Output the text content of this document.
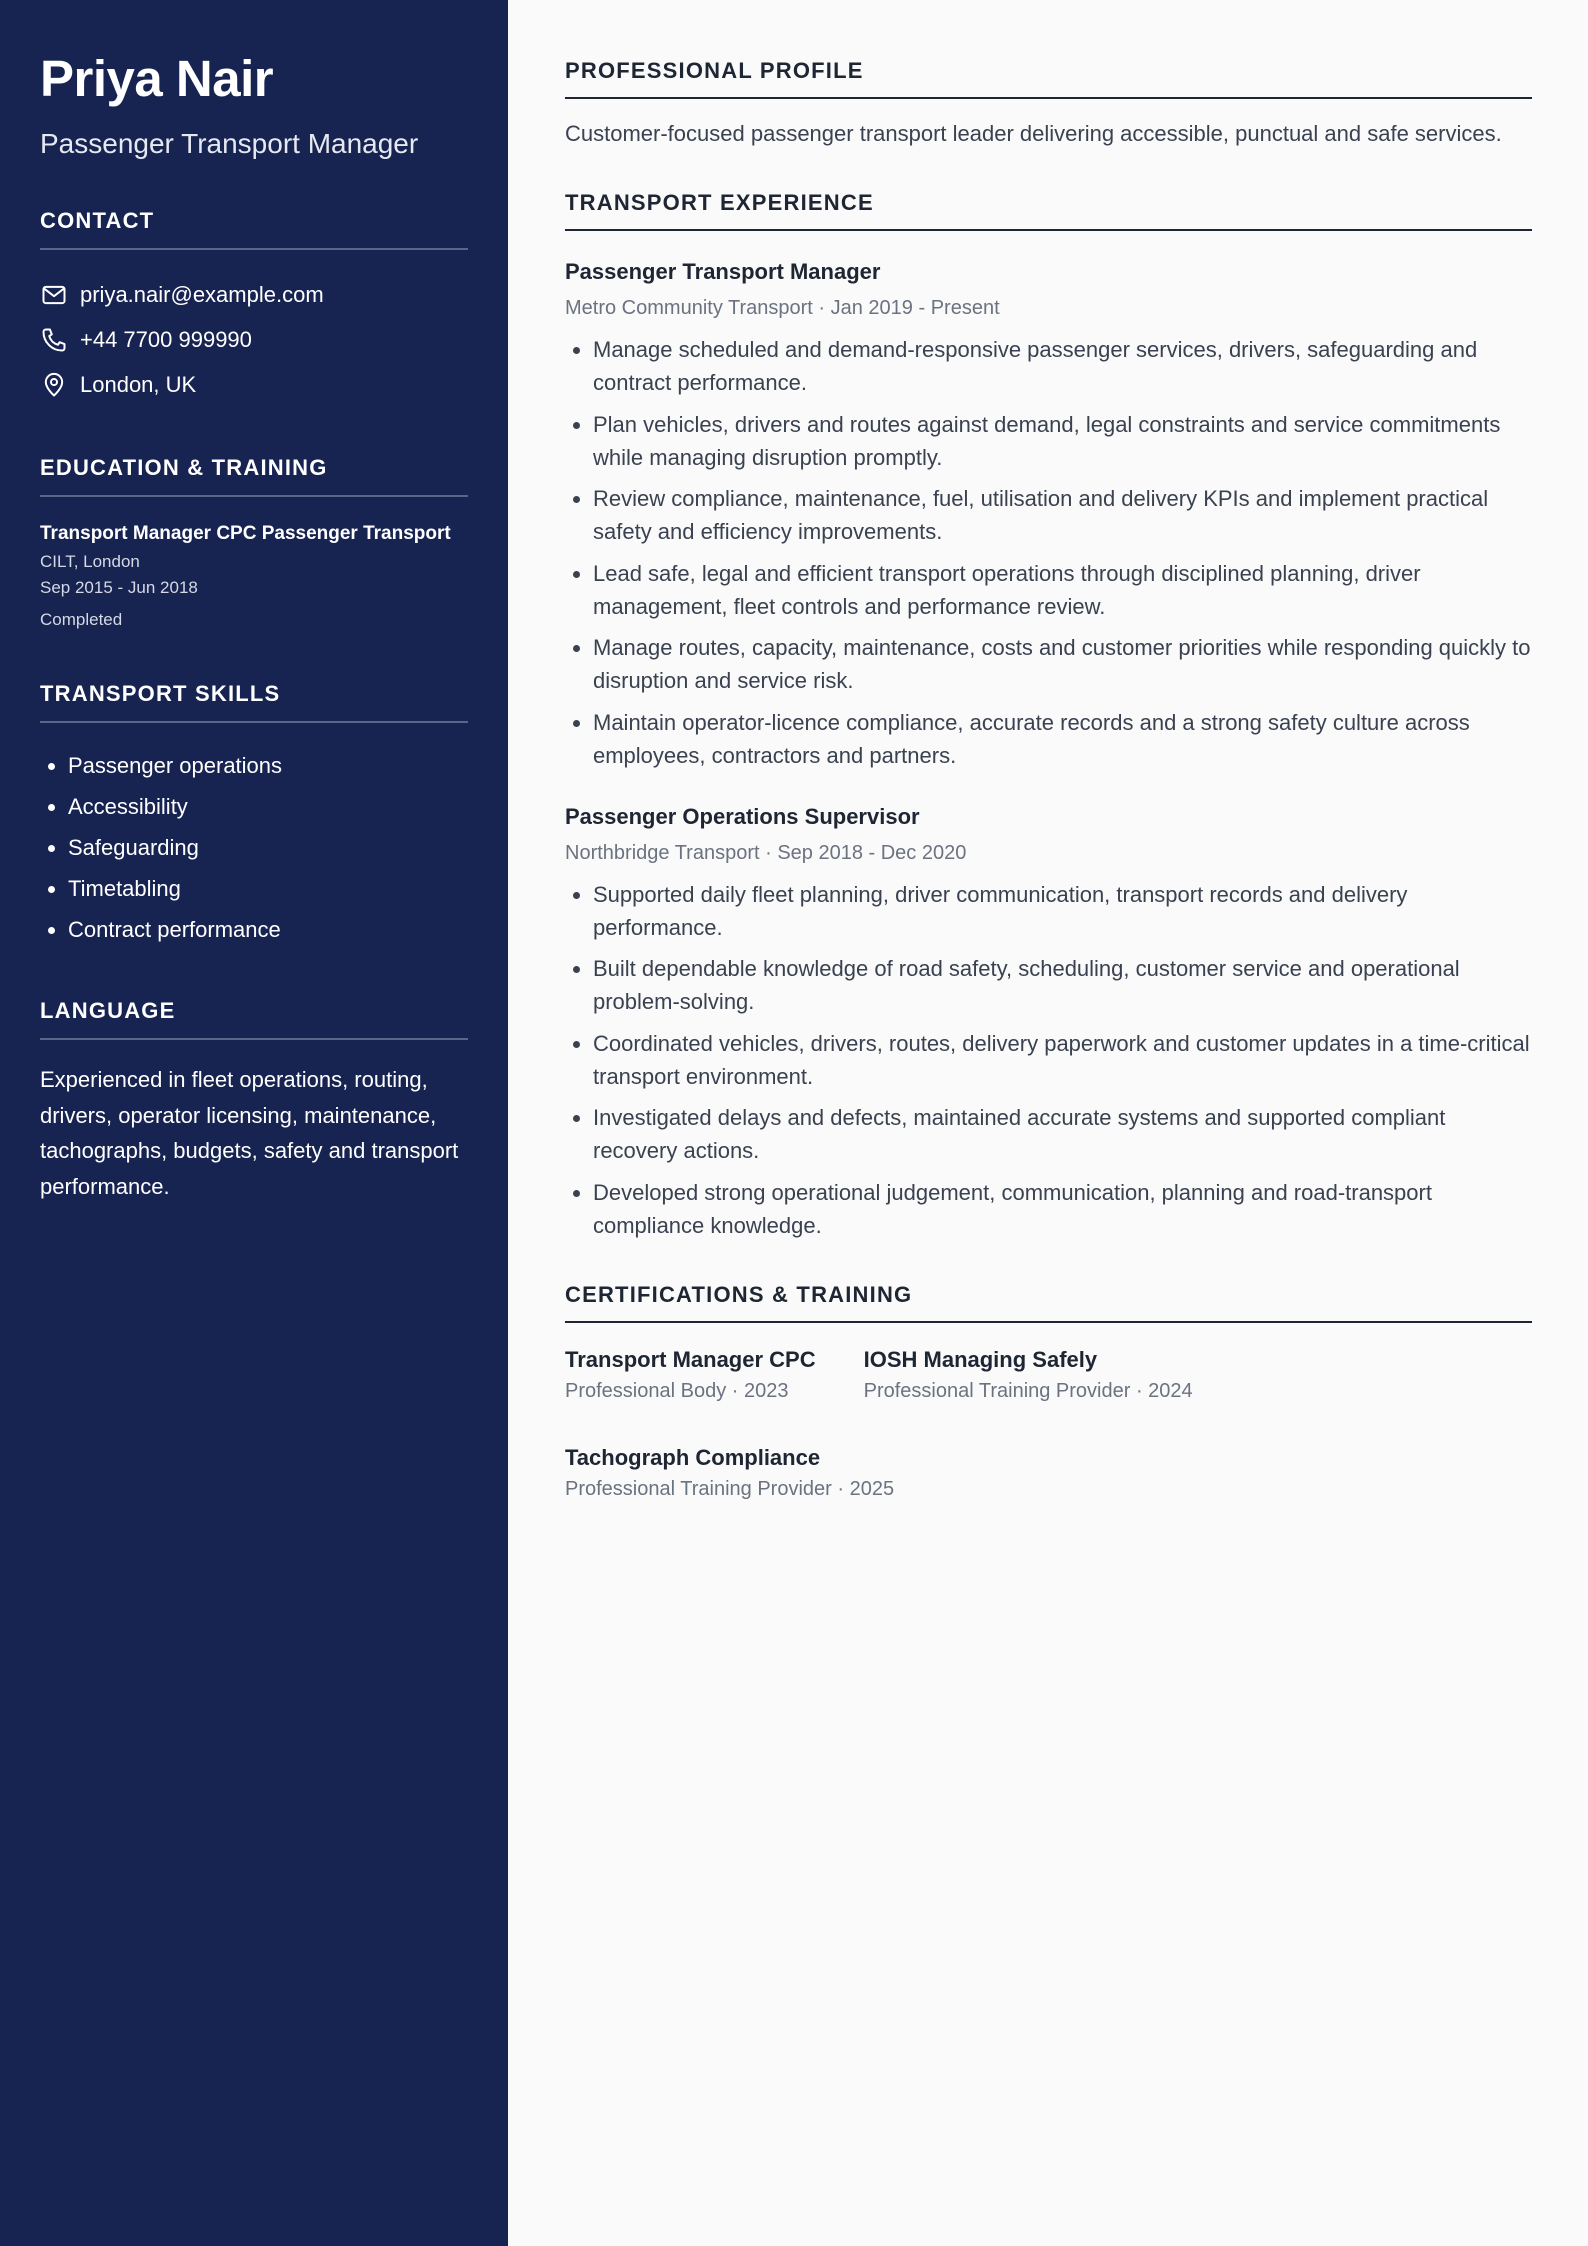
Priya Nair

Passenger Transport Manager

CONTACT
priya.nair@example.com
+44 7700 999990
London, UK
EDUCATION & TRAINING

Transport Manager CPC Passenger Transport

CILT, London

Sep 2015 - Jun 2018

Completed

TRANSPORT SKILLS
• Passenger operations
• Accessibility
• Safeguarding
• Timetabling
• Contract performance
LANGUAGE

Experienced in fleet operations, routing, drivers, operator licensing, maintenance, tachographs, budgets, safety and transport performance.

PROFESSIONAL PROFILE

Customer-focused passenger transport leader delivering accessible, punctual and safe services.

TRANSPORT EXPERIENCE

Passenger Transport Manager

Metro Community Transport · Jan 2019 - Present

• Manage scheduled and demand-responsive passenger services, drivers, safeguarding and contract performance.
• Plan vehicles, drivers and routes against demand, legal constraints and service commitments while managing disruption promptly.
• Review compliance, maintenance, fuel, utilisation and delivery KPIs and implement practical safety and efficiency improvements.
• Lead safe, legal and efficient transport operations through disciplined planning, driver management, fleet controls and performance review.
• Manage routes, capacity, maintenance, costs and customer priorities while responding quickly to disruption and service risk.
• Maintain operator-licence compliance, accurate records and a strong safety culture across employees, contractors and partners.

Passenger Operations Supervisor

Northbridge Transport · Sep 2018 - Dec 2020

• Supported daily fleet planning, driver communication, transport records and delivery performance.
• Built dependable knowledge of road safety, scheduling, customer service and operational problem-solving.
• Coordinated vehicles, drivers, routes, delivery paperwork and customer updates in a time-critical transport environment.
• Investigated delays and defects, maintained accurate systems and supported compliant recovery actions.
• Developed strong operational judgement, communication, planning and road-transport compliance knowledge.
CERTIFICATIONS & TRAINING

Transport Manager CPC

Professional Body · 2023

IOSH Managing Safely

Professional Training Provider · 2024

Tachograph Compliance

Professional Training Provider · 2025
